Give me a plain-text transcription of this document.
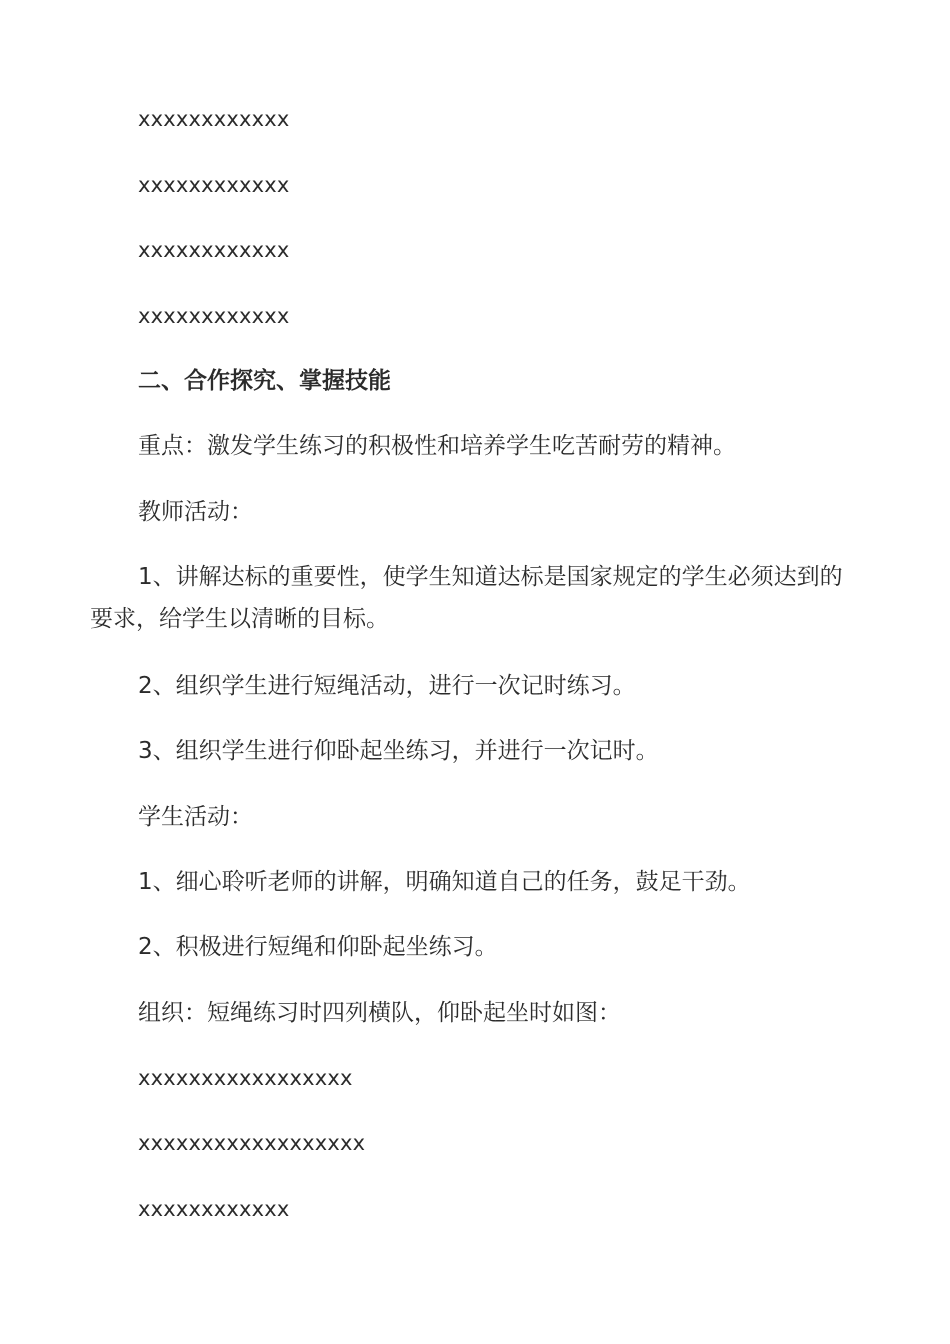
xxxxxxxxxxxx

xxxxxxxxxxxx

xxxxxxxxxxxx

xxxxxxxxxxxx

二、合作探究、掌握技能

重点：激发学生练习的积极性和培养学生吃苦耐劳的精神。

教师活动：

1、讲解达标的重要性，使学生知道达标是国家规定的学生必须达到的要求，给学生以清晰的目标。

2、组织学生进行短绳活动，进行一次记时练习。

3、组织学生进行仰卧起坐练习，并进行一次记时。

学生活动：

1、细心聆听老师的讲解，明确知道自己的任务，鼓足干劲。

2、积极进行短绳和仰卧起坐练习。

组织：短绳练习时四列横队，仰卧起坐时如图：

xxxxxxxxxxxxxxxxx

xxxxxxxxxxxxxxxxxx

xxxxxxxxxxxx
